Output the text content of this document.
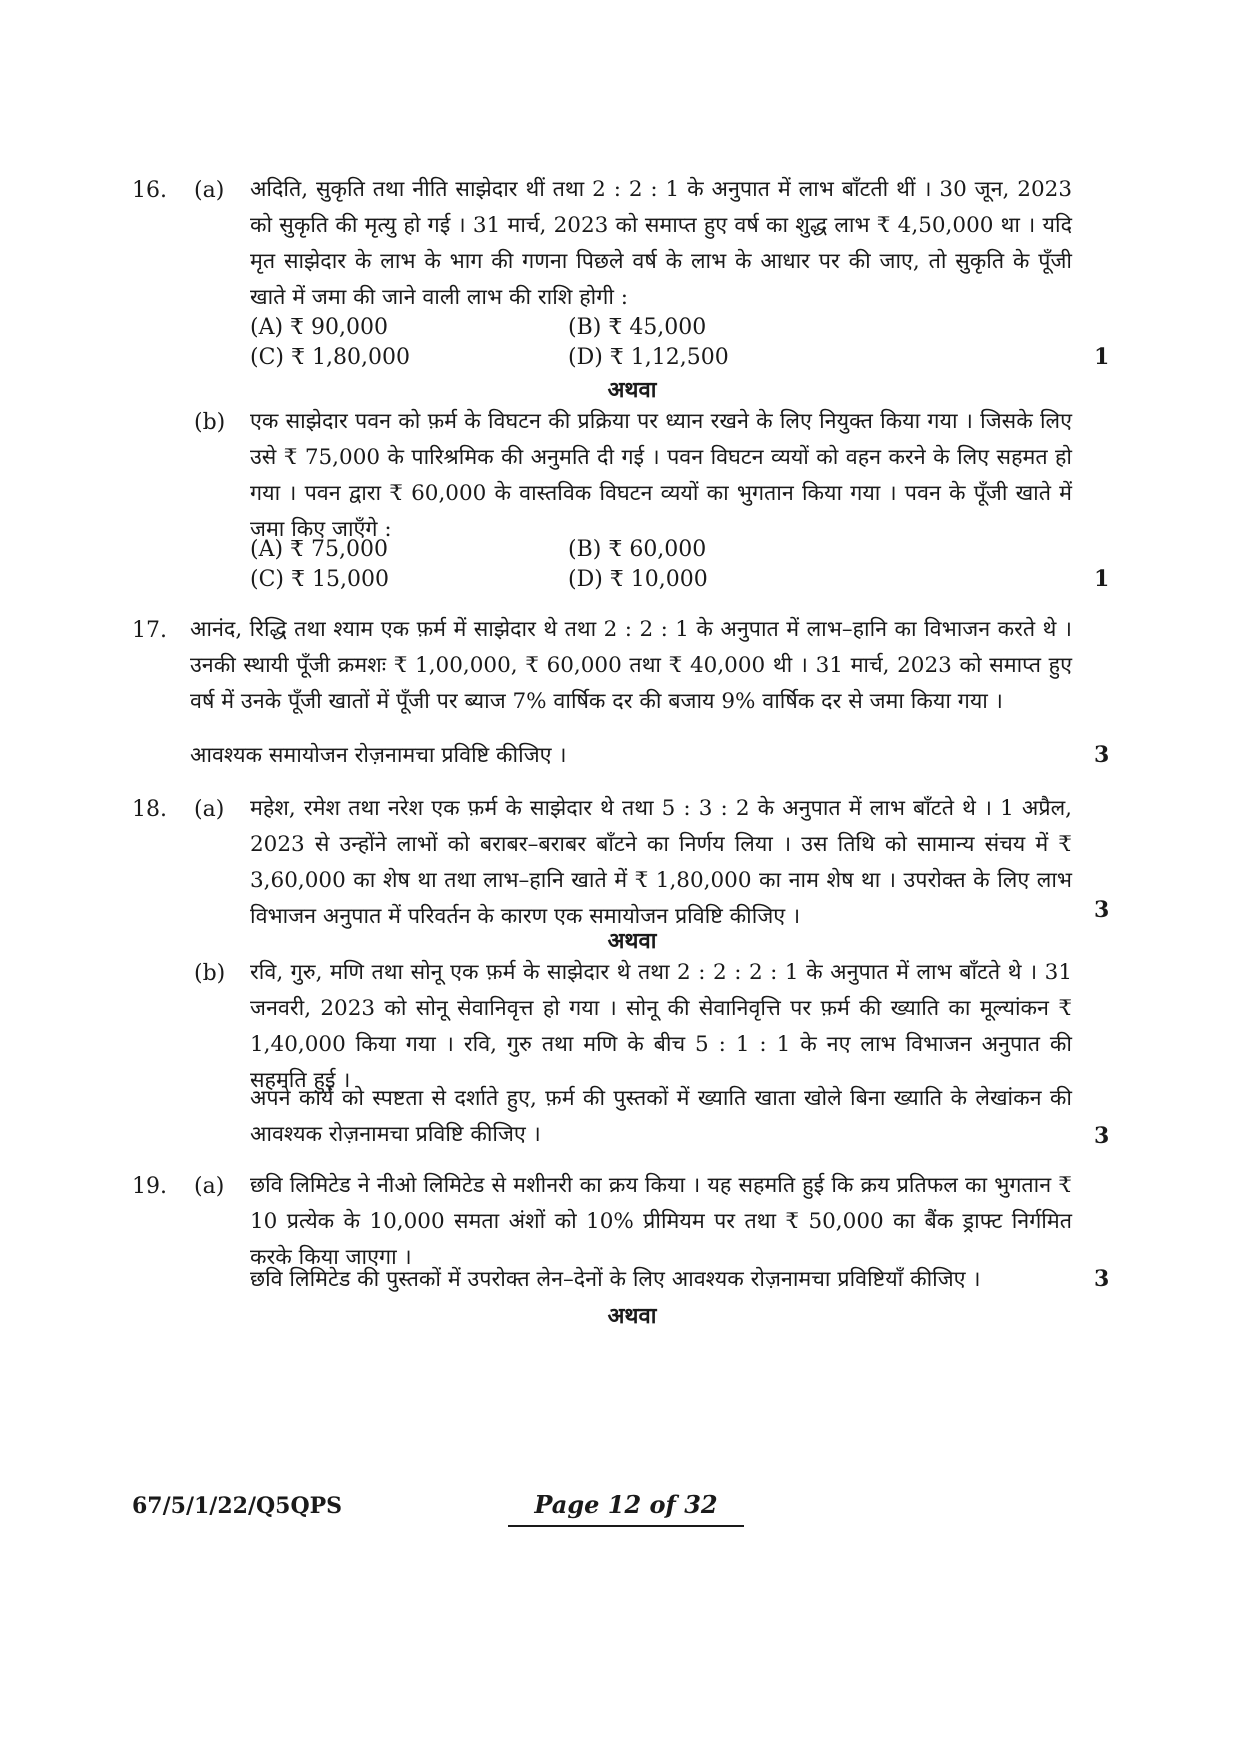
16. (a) अदिति, सुकृति तथा नीति साझेदार थीं तथा 2 : 2 : 1 के अनुपात में लाभ बाँटती थीं । 30 जून, 2023 को सुकृति की मृत्यु हो गई । 31 मार्च, 2023 को समाप्त हुए वर्ष का शुद्ध लाभ ₹ 4,50,000 था । यदि मृत साझेदार के लाभ के भाग की गणना पिछले वर्ष के लाभ के आधार पर की जाए, तो सुकृति के पूँजी खाते में जमा की जाने वाली लाभ की राशि होगी :
(A) ₹ 90,000	(B) ₹ 45,000
(C) ₹ 1,80,000	(D) ₹ 1,12,500	1
अथवा
(b) एक साझेदार पवन को फ़र्म के विघटन की प्रक्रिया पर ध्यान रखने के लिए नियुक्त किया गया । जिसके लिए उसे ₹ 75,000 के पारिश्रमिक की अनुमति दी गई । पवन विघटन व्ययों को वहन करने के लिए सहमत हो गया । पवन द्वारा ₹ 60,000 के वास्तविक विघटन व्ययों का भुगतान किया गया । पवन के पूँजी खाते में जमा किए जाएँगे :
(A) ₹ 75,000	(B) ₹ 60,000
(C) ₹ 15,000	(D) ₹ 10,000	1
17. आनंद, रिद्धि तथा श्याम एक फ़र्म में साझेदार थे तथा 2 : 2 : 1 के अनुपात में लाभ–हानि का विभाजन करते थे । उनकी स्थायी पूँजी क्रमशः ₹ 1,00,000, ₹ 60,000 तथा ₹ 40,000 थी । 31 मार्च, 2023 को समाप्त हुए वर्ष में उनके पूँजी खातों में पूँजी पर ब्याज 7% वार्षिक दर की बजाय 9% वार्षिक दर से जमा किया गया ।
आवश्यक समायोजन रोज़नामचा प्रविष्टि कीजिए ।	3
18. (a) महेश, रमेश तथा नरेश एक फ़र्म के साझेदार थे तथा 5 : 3 : 2 के अनुपात में लाभ बाँटते थे । 1 अप्रैल, 2023 से उन्होंने लाभों को बराबर–बराबर बाँटने का निर्णय लिया । उस तिथि को सामान्य संचय में ₹ 3,60,000 का शेष था तथा लाभ–हानि खाते में ₹ 1,80,000 का नाम शेष था । उपरोक्त के लिए लाभ विभाजन अनुपात में परिवर्तन के कारण एक समायोजन प्रविष्टि कीजिए ।	3
अथवा
(b) रवि, गुरु, मणि तथा सोनू एक फ़र्म के साझेदार थे तथा 2 : 2 : 2 : 1 के अनुपात में लाभ बाँटते थे । 31 जनवरी, 2023 को सोनू सेवानिवृत्त हो गया । सोनू की सेवानिवृत्ति पर फ़र्म की ख्याति का मूल्यांकन ₹ 1,40,000 किया गया । रवि, गुरु तथा मणि के बीच 5 : 1 : 1 के नए लाभ विभाजन अनुपात की सहमति हुई ।
अपने कार्य को स्पष्टता से दर्शाते हुए, फ़र्म की पुस्तकों में ख्याति खाता खोले बिना ख्याति के लेखांकन की आवश्यक रोज़नामचा प्रविष्टि कीजिए ।	3
19. (a) छवि लिमिटेड ने नीओ लिमिटेड से मशीनरी का क्रय किया । यह सहमति हुई कि क्रय प्रतिफल का भुगतान ₹ 10 प्रत्येक के 10,000 समता अंशों को 10% प्रीमियम पर तथा ₹ 50,000 का बैंक ड्राफ्ट निर्गमित करके किया जाएगा ।
छवि लिमिटेड की पुस्तकों में उपरोक्त लेन–देनों के लिए आवश्यक रोज़नामचा प्रविष्टियाँ कीजिए ।	3
अथवा
67/5/1/22/Q5QPS	Page 12 of 32
